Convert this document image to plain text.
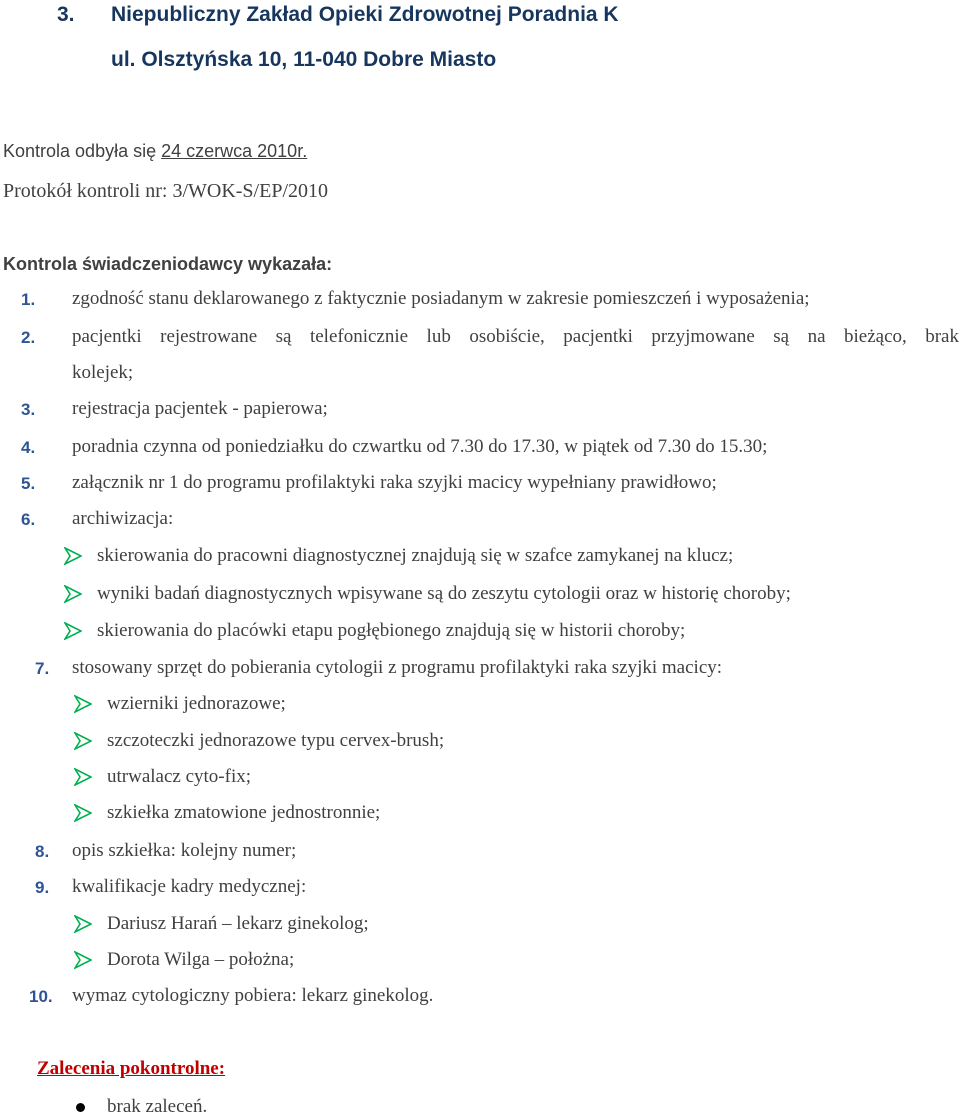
3. Niepubliczny Zakład Opieki Zdrowotnej Poradnia K
ul. Olsztyńska 10, 11-040 Dobre Miasto
Kontrola odbyła się 24 czerwca 2010r.
Protokół kontroli nr: 3/WOK-S/EP/2010
Kontrola świadczeniodawcy wykazała:
1. zgodność stanu deklarowanego z faktycznie posiadanym w zakresie pomieszczeń i wyposażenia;
2. pacjentki rejestrowane są telefonicznie lub osobiście, pacjentki przyjmowane są na bieżąco, brak
kolejek;
3. rejestracja pacjentek - papierowa;
4. poradnia czynna od poniedziałku do czwartku od 7.30 do 17.30, w piątek od 7.30 do 15.30;
5. załącznik nr 1 do programu profilaktyki raka szyjki macicy wypełniany prawidłowo;
6. archiwizacja:
skierowania do pracowni diagnostycznej znajdują się w szafce zamykanej na klucz;
wyniki badań diagnostycznych wpisywane są do zeszytu cytologii oraz w historię choroby;
skierowania do placówki etapu pogłębionego znajdują się w historii choroby;
7. stosowany sprzęt do pobierania cytologii z programu profilaktyki raka szyjki macicy:
wzierniki jednorazowe;
szczoteczki jednorazowe typu cervex-brush;
utrwalacz cyto-fix;
szkiełka zmatowione jednostronnie;
8. opis szkiełka: kolejny numer;
9. kwalifikacje kadry medycznej:
Dariusz Harań – lekarz ginekolog;
Dorota Wilga – położna;
10. wymaz cytologiczny pobiera: lekarz ginekolog.
Zalecenia pokontrolne:
brak zaleceń.
